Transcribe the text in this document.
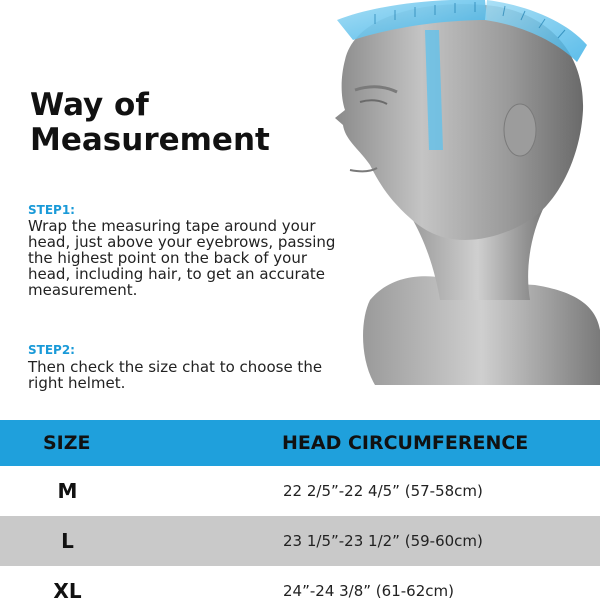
Way of
Measurement
STEP1:

Wrap the measuring tape around your head, just above your eyebrows, passing the highest point on the back of your head, including hair, to get an accurate measurement.

STEP2:

Then check the size chat to choose the right helmet.

SIZE	HEAD CIRCUMFERENCE
M	22 2/5”-22 4/5” (57-58cm)
L	23 1/5”-23 1/2” (59-60cm)
XL	24”-24 3/8” (61-62cm)
